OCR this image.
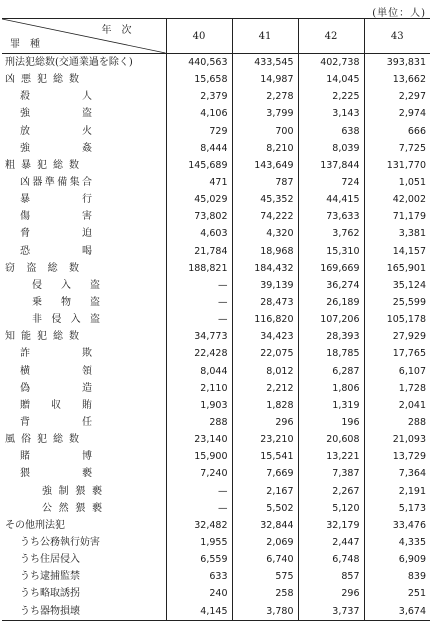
(単位：人)
年次
罪種	40	41	42	43
刑法犯総数(交通業過を除く)	440,563	433,545	402,738	393,831
凶悪犯総数	15,658	14,987	14,045	13,662
殺人	2,379	2,278	2,225	2,297
強盗	4,106	3,799	3,143	2,974
放火	729	700	638	666
強姦	8,444	8,210	8,039	7,725
粗暴犯総数	145,689	143,649	137,844	131,770
凶器準備集合	471	787	724	1,051
暴行	45,029	45,352	44,415	42,002
傷害	73,802	74,222	73,633	71,179
脅迫	4,603	4,320	3,762	3,381
恐喝	21,784	18,968	15,310	14,157
窃盗総数	188,821	184,432	169,669	165,901
侵入盗	—	39,139	36,274	35,124
乗物盗	—	28,473	26,189	25,599
非侵入盗	—	116,820	107,206	105,178
知能犯総数	34,773	34,423	28,393	27,929
詐欺	22,428	22,075	18,785	17,765
横領	8,044	8,012	6,287	6,107
偽造	2,110	2,212	1,806	1,728
贈収賄	1,903	1,828	1,319	2,041
背任	288	296	196	288
風俗犯総数	23,140	23,210	20,608	21,093
賭博	15,900	15,541	13,221	13,729
猥褻	7,240	7,669	7,387	7,364
強制猥褻	—	2,167	2,267	2,191
公然猥褻	—	5,502	5,120	5,173
その他刑法犯	32,482	32,844	32,179	33,476
うち公務執行妨害	1,955	2,069	2,447	4,335
うち住居侵入	6,559	6,740	6,748	6,909
うち逮捕監禁	633	575	857	839
うち略取誘拐	240	258	296	251
うち器物損壊	4,145	3,780	3,737	3,674
